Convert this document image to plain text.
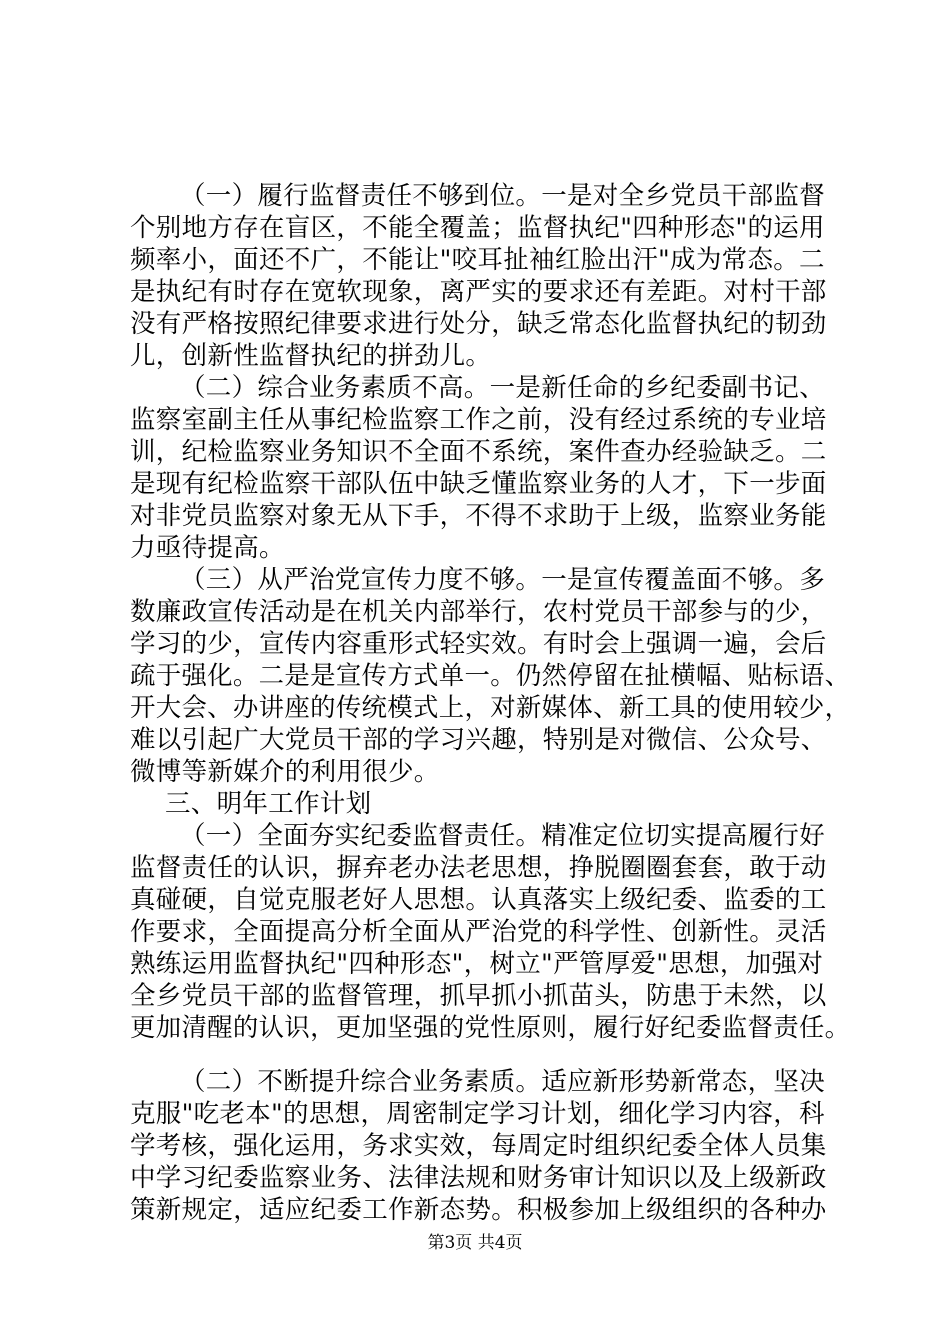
（一）履行监督责任不够到位。一是对全乡党员干部监督
个别地方存在盲区，不能全覆盖；监督执纪"四种形态"的运用
频率小，面还不广，不能让"咬耳扯袖红脸出汗"成为常态。二
是执纪有时存在宽软现象，离严实的要求还有差距。对村干部
没有严格按照纪律要求进行处分，缺乏常态化监督执纪的韧劲
儿，创新性监督执纪的拼劲儿。
（二）综合业务素质不高。一是新任命的乡纪委副书记、
监察室副主任从事纪检监察工作之前，没有经过系统的专业培
训，纪检监察业务知识不全面不系统，案件查办经验缺乏。二
是现有纪检监察干部队伍中缺乏懂监察业务的人才，下一步面
对非党员监察对象无从下手，不得不求助于上级，监察业务能
力亟待提高。
（三）从严治党宣传力度不够。一是宣传覆盖面不够。多
数廉政宣传活动是在机关内部举行，农村党员干部参与的少，
学习的少，宣传内容重形式轻实效。有时会上强调一遍，会后
疏于强化。二是是宣传方式单一。仍然停留在扯横幅、贴标语、
开大会、办讲座的传统模式上，对新媒体、新工具的使用较少，
难以引起广大党员干部的学习兴趣，特别是对微信、公众号、
微博等新媒介的利用很少。
三、明年工作计划
（一）全面夯实纪委监督责任。精准定位切实提高履行好
监督责任的认识，摒弃老办法老思想，挣脱圈圈套套，敢于动
真碰硬，自觉克服老好人思想。认真落实上级纪委、监委的工
作要求，全面提高分析全面从严治党的科学性、创新性。灵活
熟练运用监督执纪"四种形态"，树立"严管厚爱"思想，加强对
全乡党员干部的监督管理，抓早抓小抓苗头，防患于未然，以
更加清醒的认识，更加坚强的党性原则，履行好纪委监督责任。
（二）不断提升综合业务素质。适应新形势新常态，坚决
克服"吃老本"的思想，周密制定学习计划，细化学习内容，科
学考核，强化运用，务求实效，每周定时组织纪委全体人员集
中学习纪委监察业务、法律法规和财务审计知识以及上级新政
策新规定，适应纪委工作新态势。积极参加上级组织的各种办
第3页 共4页
